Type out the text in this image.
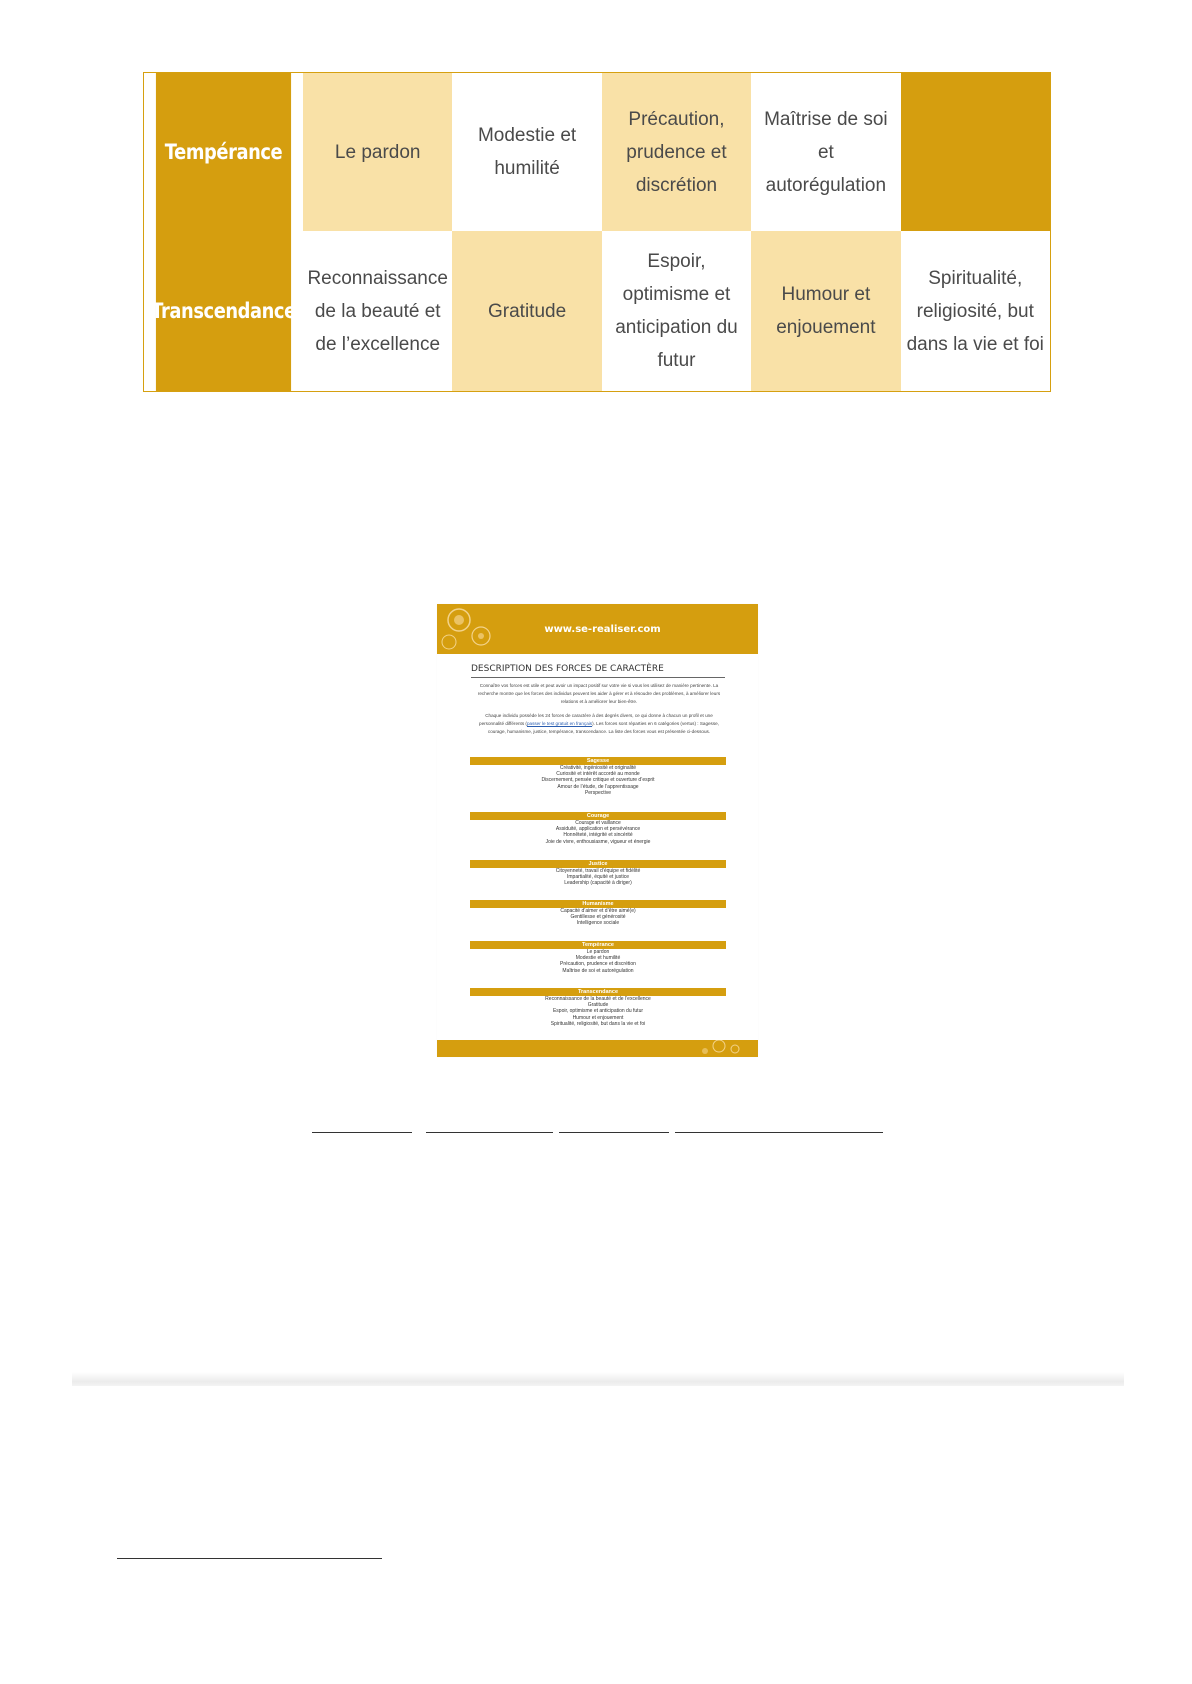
Tempérance	Le pardon
Modestie et humilité
Précaution, prudence et discrétion
Maîtrise de soi et autorégulation
Transcendance
Reconnaissance de la beauté et de l’excellence
Gratitude
Espoir, optimisme et anticipation du futur
Humour et enjouement
Spiritualité, religiosité, but dans la vie et foi
www.se-realiser.com
DESCRIPTION DES FORCES DE CARACTÈRE
Connaître vos forces est utile et peut avoir un impact positif sur votre vie si vous les utilisez de manière pertinente. La recherche montre que les forces des individus peuvent les aider à gérer et à résoudre des problèmes, à améliorer leurs relations et à améliorer leur bien-être.
Chaque individu possède les 24 forces de caractère à des degrés divers, ce qui donne à chacun un profil et une personnalité différents (passer le test gratuit en français). Les forces sont réparties en 6 catégories (vertus) : Sagesse, courage, humanisme, justice, tempérance, transcendance. La liste des forces vous est présentée ci-dessous.
Sagesse
Créativité, ingéniosité et originalité
Curiosité et intérêt accordé au monde
Discernement, pensée critique et ouverture d’esprit
Amour de l’étude, de l’apprentissage
Perspective
Courage
Courage et vaillance
Assiduité, application et persévérance
Honnêteté, intégrité et sincérité
Joie de vivre, enthousiasme, vigueur et énergie
Justice
Citoyenneté, travail d’équipe et fidélité
Impartialité, équité et justice
Leadership (capacité à diriger)
Humanisme
Capacité d’aimer et d’être aimé(e)
Gentillesse et générosité
Intelligence sociale
Tempérance
Le pardon
Modestie et humilité
Précaution, prudence et discrétion
Maîtrise de soi et autorégulation
Transcendance
Reconnaissance de la beauté et de l’excellence
Gratitude
Espoir, optimisme et anticipation du futur
Humour et enjouement
Spiritualité, religiosité, but dans la vie et foi
